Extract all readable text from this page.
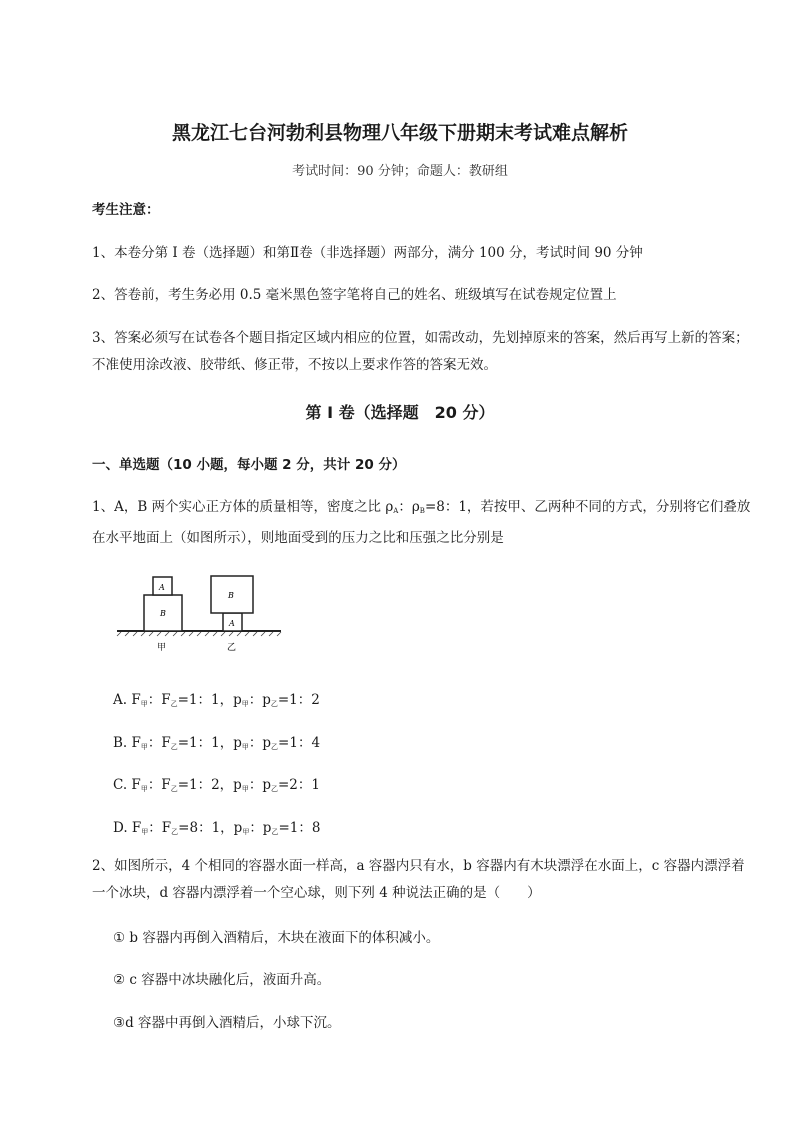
黑龙江七台河勃利县物理八年级下册期末考试难点解析
考试时间：90 分钟；命题人：教研组
考生注意：
1、本卷分第 I 卷（选择题）和第Ⅱ卷（非选择题）两部分，满分 100 分，考试时间 90 分钟
2、答卷前，考生务必用 0.5 毫米黑色签字笔将自己的姓名、班级填写在试卷规定位置上
3、答案必须写在试卷各个题目指定区域内相应的位置，如需改动，先划掉原来的答案，然后再写上新的答案；不准使用涂改液、胶带纸、修正带，不按以上要求作答的答案无效。
第 I 卷（选择题　20 分）
一、单选题（10 小题，每小题 2 分，共计 20 分）
1、A，B 两个实心正方体的质量相等，密度之比 $\rho_A$：$\rho_B=8$：1，若按甲、乙两种不同的方式，分别将它们叠放在水平地面上（如图所示），则地面受到的压力之比和压强之比分别是
A
B
B
A
甲	乙
A. $F_甲$：$F_乙=1$：1，$p_甲$：$p_乙=1$：2
B. $F_甲$：$F_乙=1$：1，$p_甲$：$p_乙=1$：4
C. $F_甲$：$F_乙=1$：2，$p_甲$：$p_乙=2$：1
D. $F_甲$：$F_乙=8$：1，$p_甲$：$p_乙=1$：8
2、如图所示，4 个相同的容器水面一样高，a 容器内只有水，b 容器内有木块漂浮在水面上，c 容器内漂浮着一个冰块，d 容器内漂浮着一个空心球，则下列 4 种说法正确的是（　　）
① b 容器内再倒入酒精后，木块在液面下的体积减小。
② c 容器中冰块融化后，液面升高。
③d 容器中再倒入酒精后，小球下沉。
